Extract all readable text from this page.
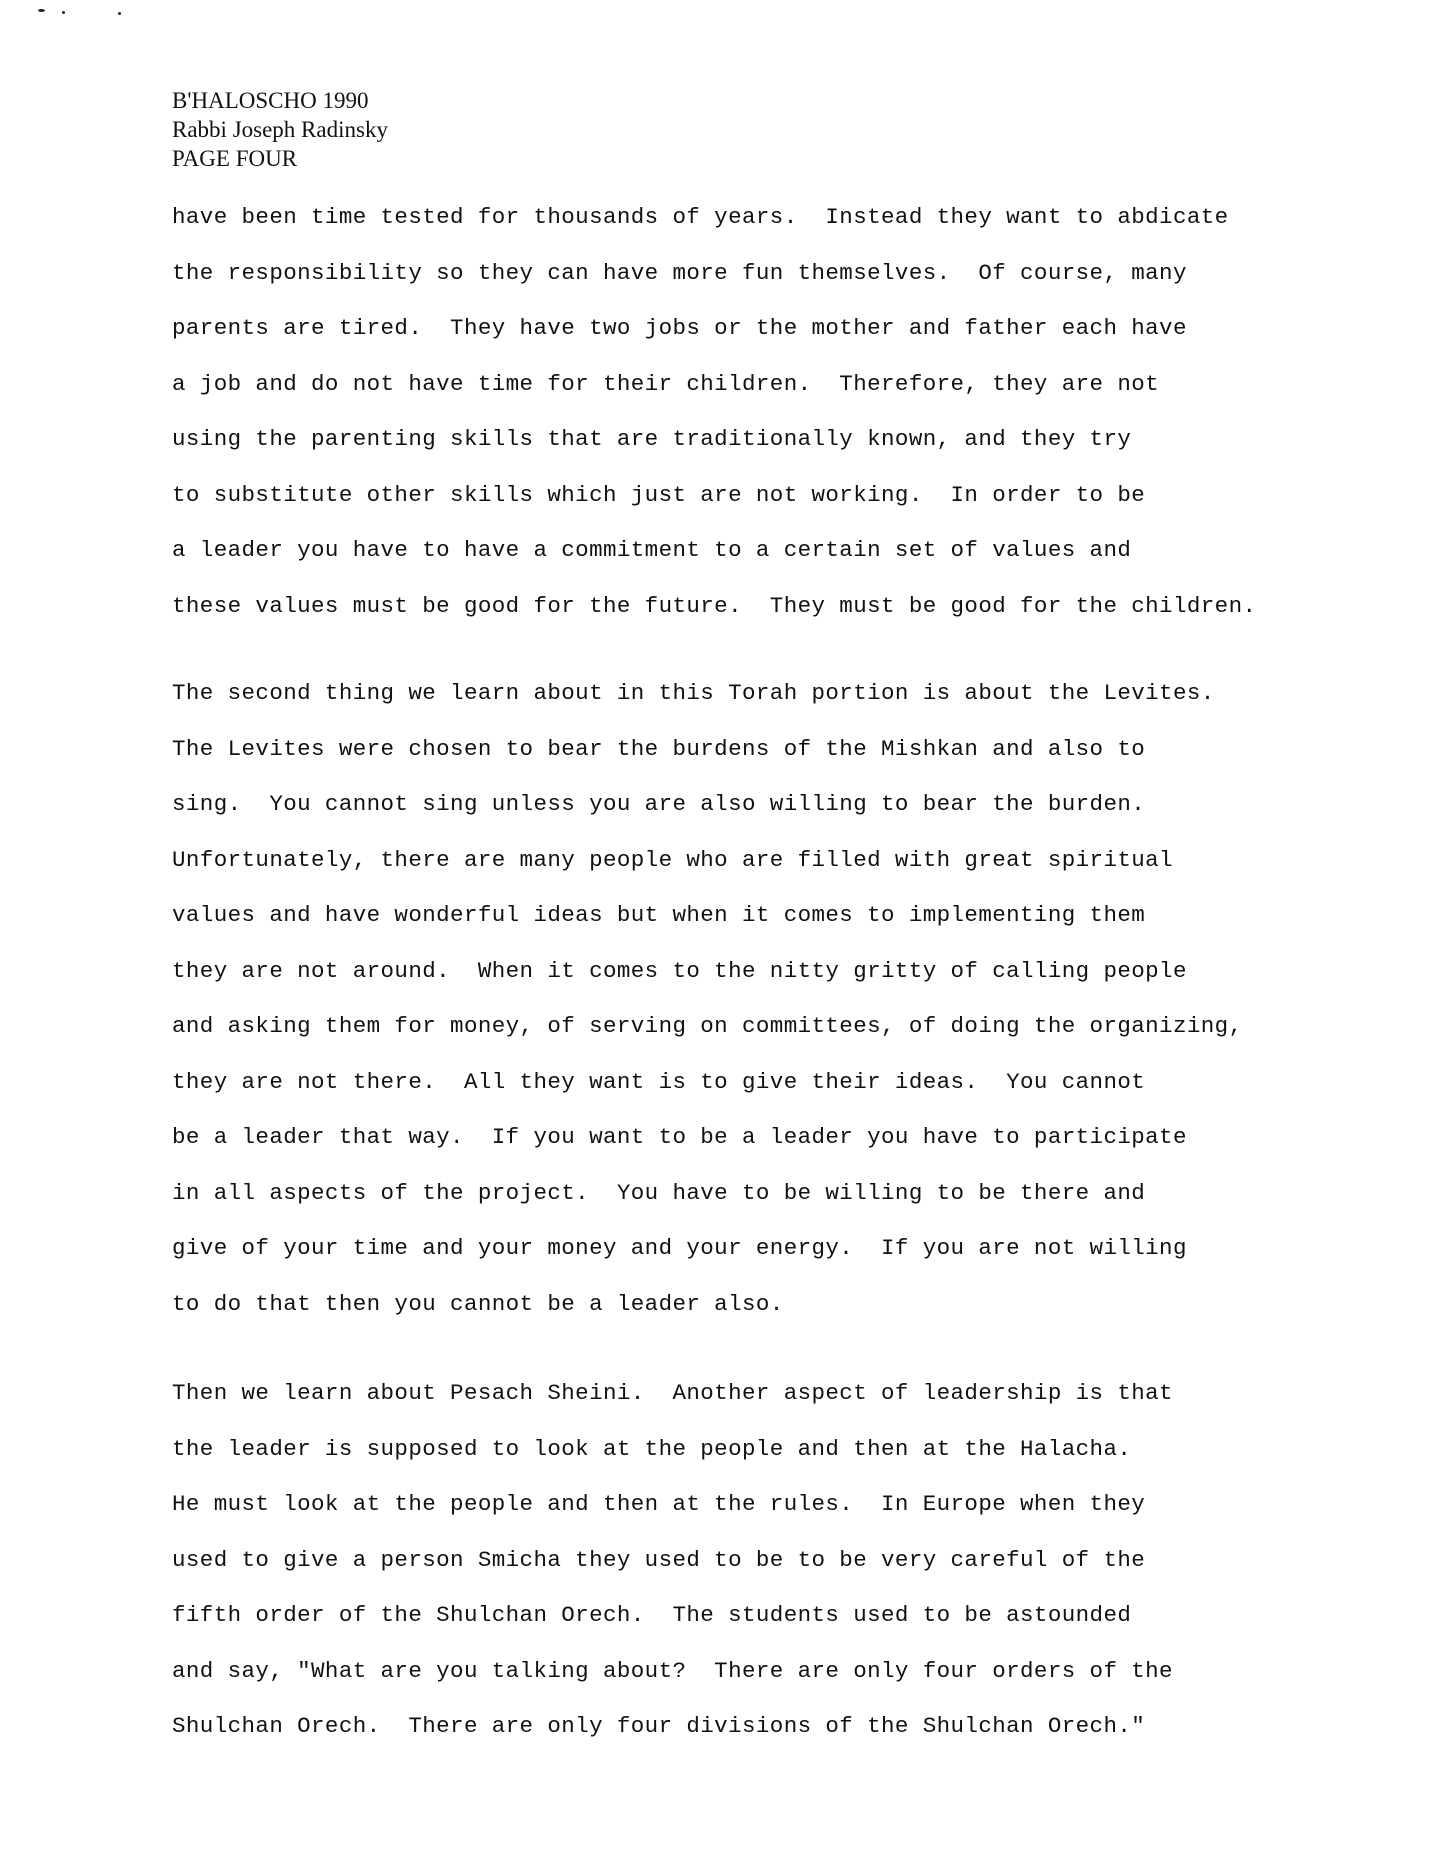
B'HALOSCHO 1990
Rabbi Joseph Radinsky
PAGE FOUR
have been time tested for thousands of years.  Instead they want to abdicate
the responsibility so they can have more fun themselves.  Of course, many
parents are tired.  They have two jobs or the mother and father each have
a job and do not have time for their children.  Therefore, they are not
using the parenting skills that are traditionally known, and they try
to substitute other skills which just are not working.  In order to be
a leader you have to have a commitment to a certain set of values and
these values must be good for the future.  They must be good for the children.
The second thing we learn about in this Torah portion is about the Levites.
The Levites were chosen to bear the burdens of the Mishkan and also to
sing.  You cannot sing unless you are also willing to bear the burden.
Unfortunately, there are many people who are filled with great spiritual
values and have wonderful ideas but when it comes to implementing them
they are not around.  When it comes to the nitty gritty of calling people
and asking them for money, of serving on committees, of doing the organizing,
they are not there.  All they want is to give their ideas.  You cannot
be a leader that way.  If you want to be a leader you have to participate
in all aspects of the project.  You have to be willing to be there and
give of your time and your money and your energy.  If you are not willing
to do that then you cannot be a leader also.
Then we learn about Pesach Sheini.  Another aspect of leadership is that
the leader is supposed to look at the people and then at the Halacha.
He must look at the people and then at the rules.  In Europe when they
used to give a person Smicha they used to be to be very careful of the
fifth order of the Shulchan Orech.  The students used to be astounded
and say, "What are you talking about?  There are only four orders of the
Shulchan Orech.  There are only four divisions of the Shulchan Orech."
